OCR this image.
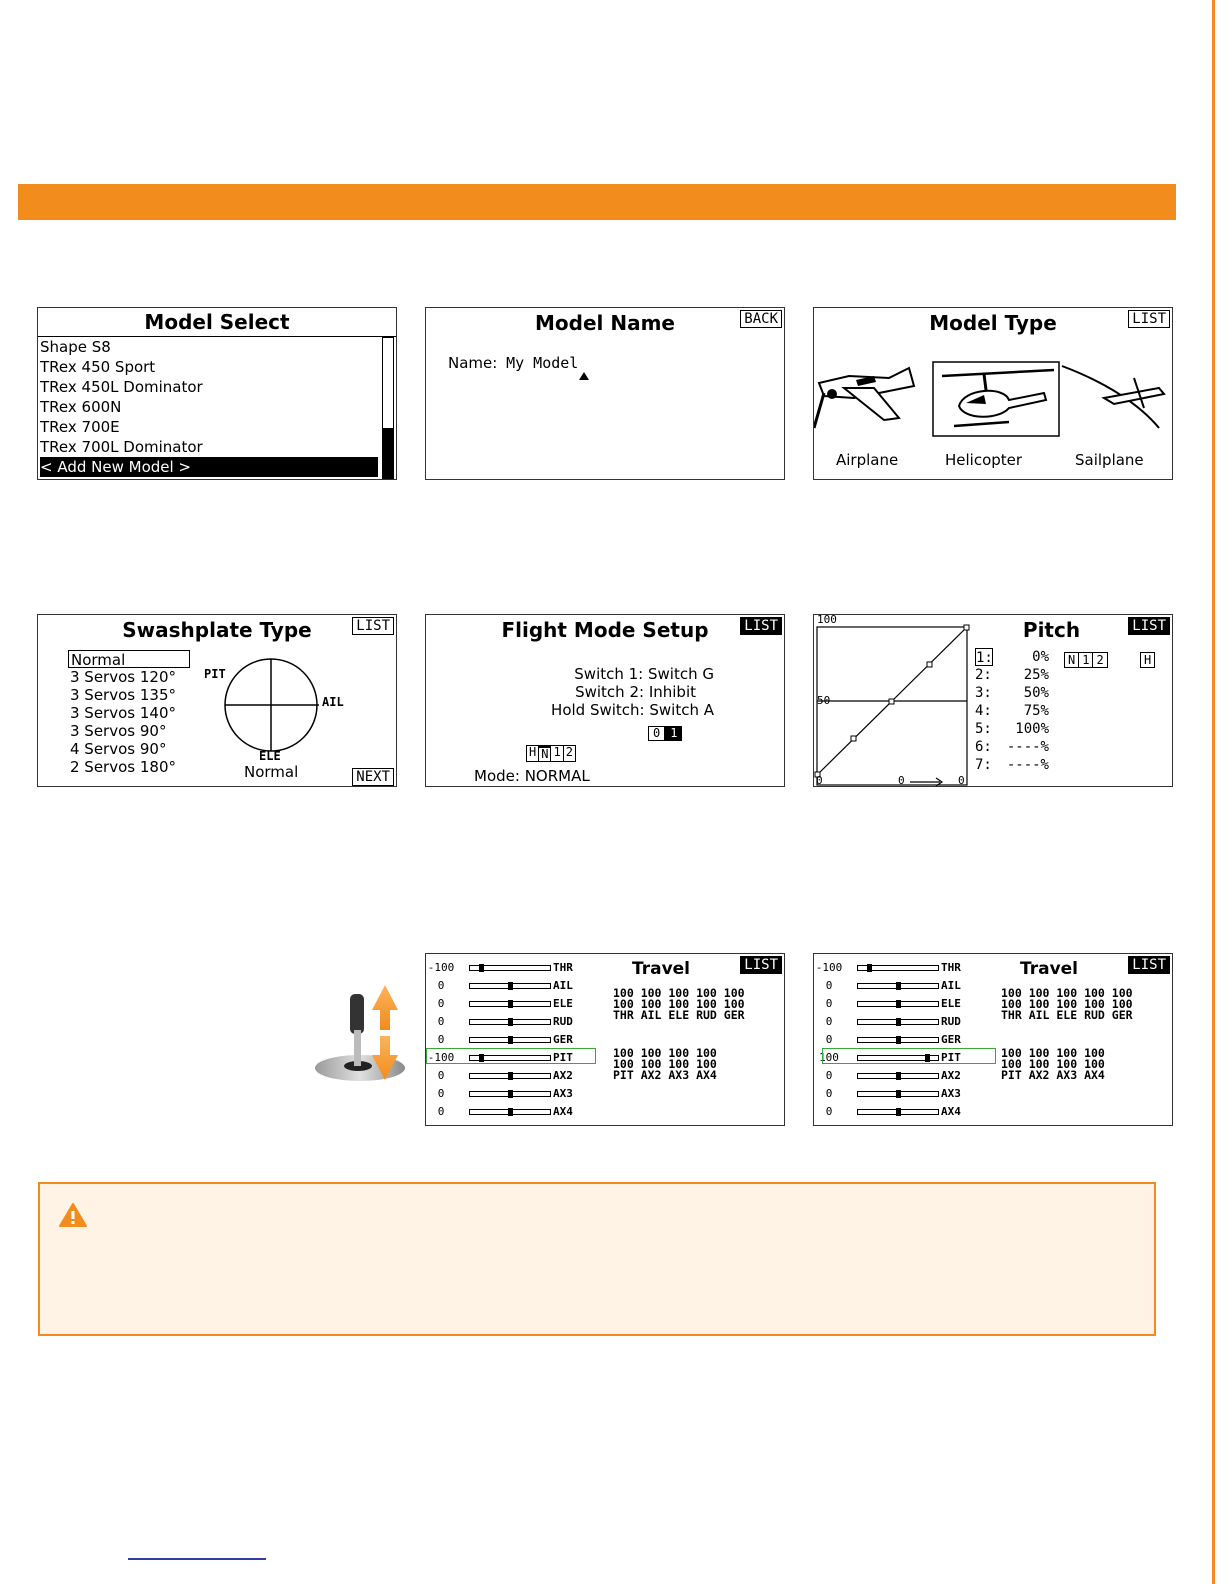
Model Select
Shape S8
TRex 450 Sport
TRex 450L Dominator
TRex 600N
TRex 700E
TRex 700L Dominator
< Add New Model >
Model Name	BACK
Name: My Model
Model Type	LIST
Airplane	Helicopter	Sailplane
Swashplate Type	LIST
Normal
3 Servos 120°
3 Servos 135°
3 Servos 140°
3 Servos 90°
4 Servos 90°
2 Servos 180°
PIT
AIL
ELE
Normal	NEXT
Flight Mode Setup	LIST
Switch 1: Switch G
Switch 2: Inhibit
Hold Switch: Switch A
0 1
H N 1 2
Mode: NORMAL
Pitch	LIST
100
50
0	0	0
1:	0%
2:	25%
3:	50%
4:	75%
5:	100%
6:	----%
7:	----%
N 1 2	H
Travel	LIST
-100	THR
0	AIL
0	ELE
0	RUD
0	GER
-100	PIT
0	AX2
0	AX3
0	AX4
100 100 100 100 100
100 100 100 100 100
THR AIL ELE RUD GER
100 100 100 100
100 100 100 100
PIT AX2 AX3 AX4
Travel	LIST
-100	THR
0	AIL
0	ELE
0	RUD
0	GER
100	PIT
0	AX2
0	AX3
0	AX4
100 100 100 100 100
100 100 100 100 100
THR AIL ELE RUD GER
100 100 100 100
100 100 100 100
PIT AX2 AX3 AX4
